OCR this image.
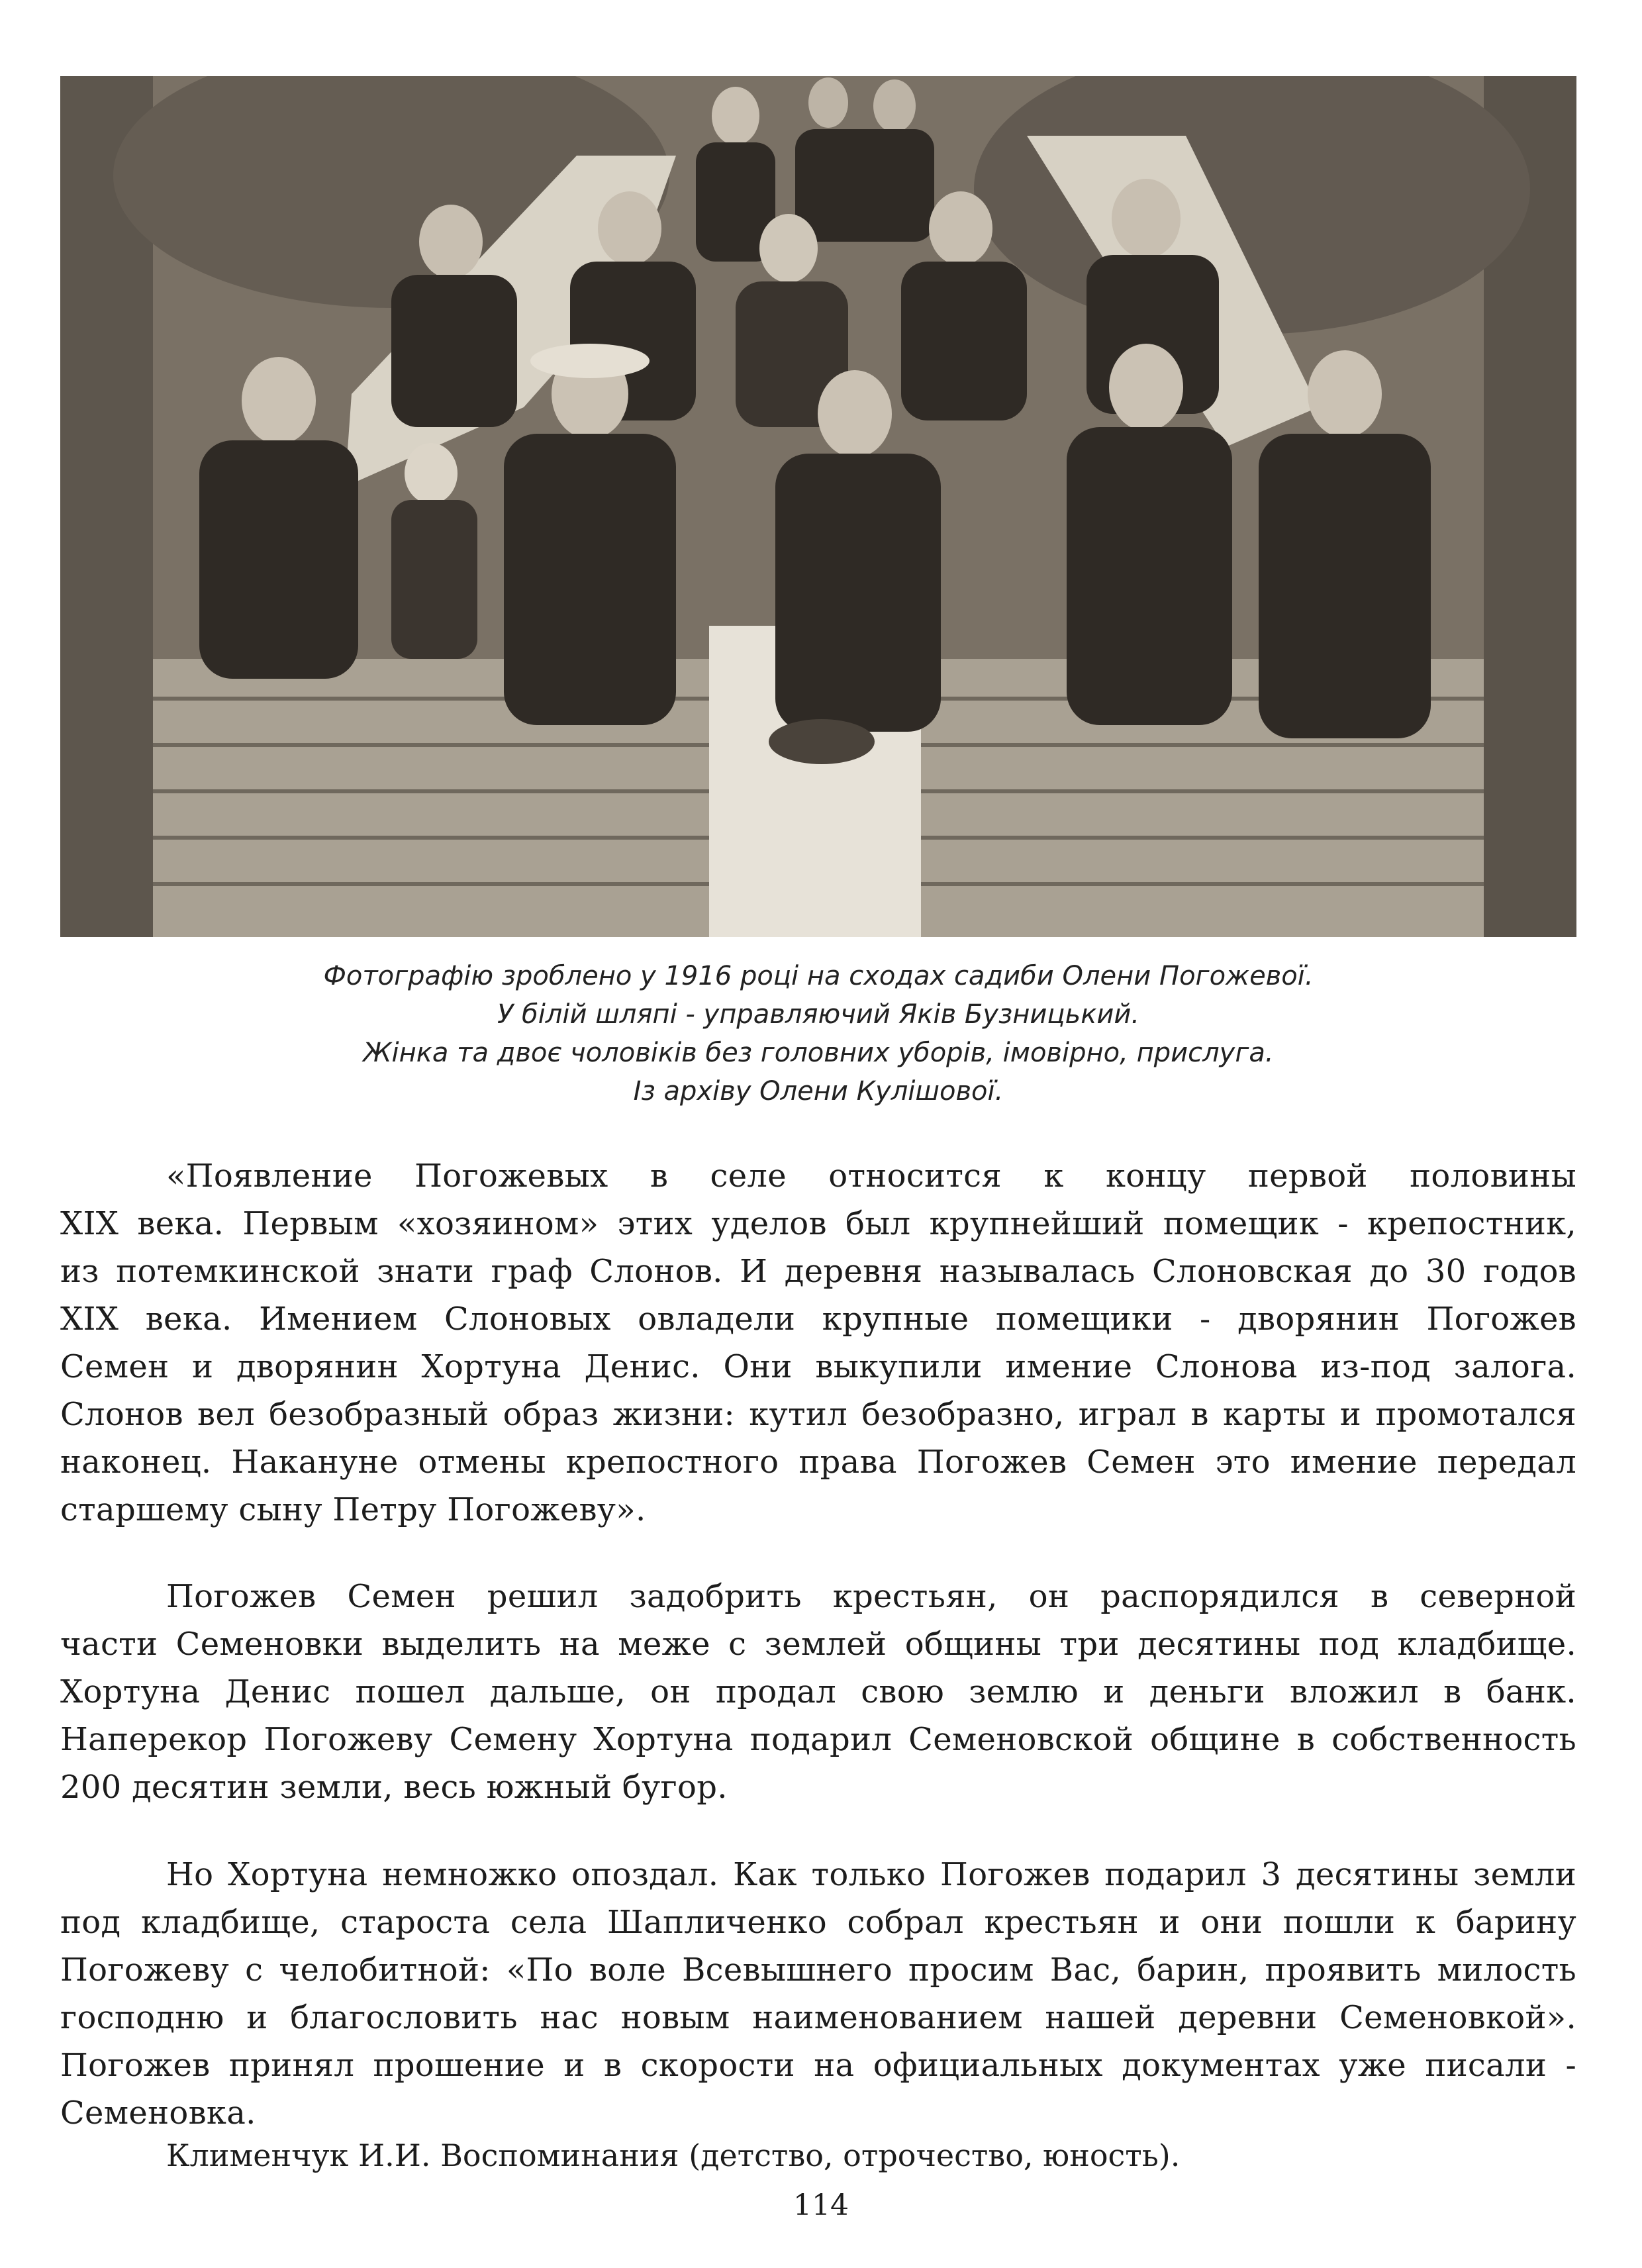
Фотографію зроблено у 1916 році на сходах садиби Олени Погожевої.
У білій шляпі - управляючий Яків Бузницький.
Жінка та двоє чоловіків без головних уборів, імовірно, прислуга.
Із архіву Олени Кулішової.
«Появление Погожевых в селе относится к концу первой половины
XIX века. Первым «хозяином» этих уделов был крупнейший помещик - крепостник,
из потемкинской знати граф Слонов. И деревня называлась Слоновская до 30 годов
XIX века. Имением Слоновых овладели крупные помещики - дворянин Погожев
Семен и дворянин Хортуна Денис. Они выкупили имение Слонова из-под залога.
Слонов вел безобразный образ жизни: кутил безобразно, играл в карты и промотался
наконец. Накануне отмены крепостного права Погожев Семен это имение передал
старшему сыну Петру Погожеву».
Погожев Семен решил задобрить крестьян, он распорядился в северной
части Семеновки выделить на меже с землей общины три десятины под кладбище.
Хортуна Денис пошел дальше, он продал свою землю и деньги вложил в банк.
Наперекор Погожеву Семену Хортуна подарил Семеновской общине в собственность
200 десятин земли, весь южный бугор.
Но Хортуна немножко опоздал. Как только Погожев подарил 3 десятины земли
под кладбище, староста села Шапличенко собрал крестьян и они пошли к барину
Погожеву с челобитной: «По воле Всевышнего просим Вас, барин, проявить милость
господню и благословить нас новым наименованием нашей деревни Семеновкой».
Погожев принял прошение и в скорости на официальных документах уже писали -
Семеновка.
Клименчук И.И. Воспоминания (детство, отрочество, юность).
114
